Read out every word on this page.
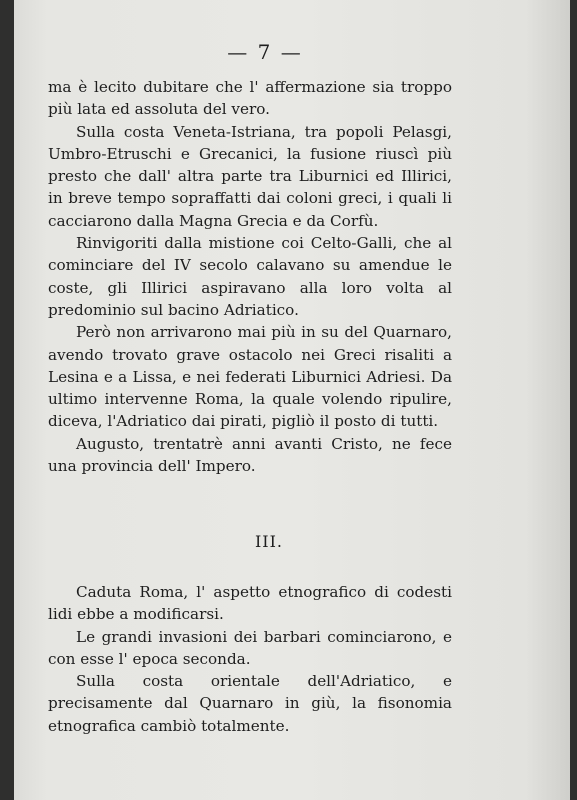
— 7 —

ma è lecito dubitare che l' affermazione sia troppo più lata ed assoluta del vero.

Sulla costa Veneta-Istriana, tra popoli Pelasgi, Umbro-Etruschi e Grecanici, la fusione riuscì più presto che dall' altra parte tra Liburnici ed Illirici, in breve tempo sopraffatti dai coloni greci, i quali li cacciarono dalla Magna Grecia e da Corfù.

Rinvigoriti dalla mistione coi Celto-Galli, che al cominciare del IV secolo calavano su amendue le coste, gli Illirici aspiravano alla loro volta al predominio sul bacino Adriatico.

Però non arrivarono mai più in su del Quarnaro, avendo trovato grave ostacolo nei Greci risaliti a Lesina e a Lissa, e nei federati Liburnici Adriesi. Da ultimo intervenne Roma, la quale volendo ripulire, diceva, l'Adriatico dai pirati, pigliò il posto di tutti.

Augusto, trentatrè anni avanti Cristo, ne fece una provincia dell' Impero.

III.

Caduta Roma, l' aspetto etnografico di codesti lidi ebbe a modificarsi.

Le grandi invasioni dei barbari cominciarono, e con esse l' epoca seconda.

Sulla costa orientale dell'Adriatico, e precisamente dal Quarnaro in giù, la fisonomia etnografica cambiò totalmente.
